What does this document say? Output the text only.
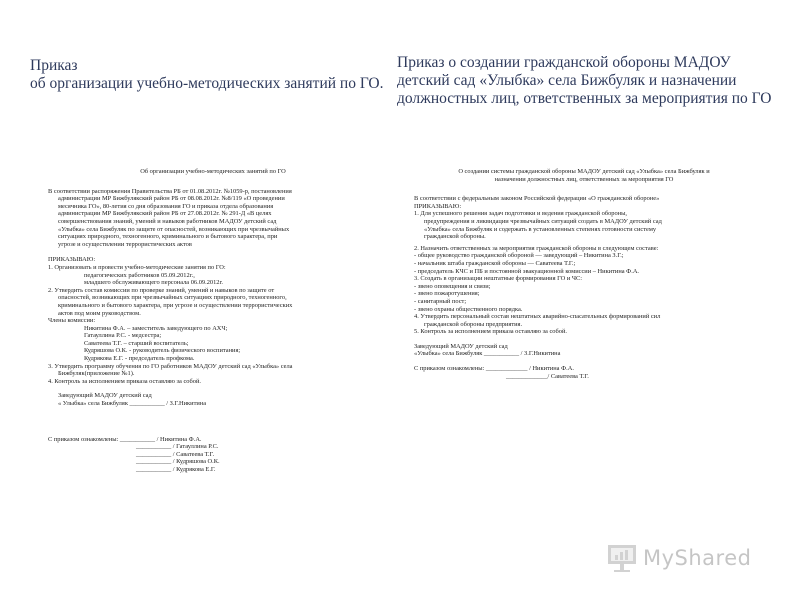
Приказ
об организации учебно-методических занятий по ГО.
Приказ о создании гражданской обороны МАДОУ
детский сад «Улыбка» села Бижбуляк и назначении
должностных лиц, ответственных за мероприятия по ГО
Об организации учебно-методических занятий по ГО
В соответствии распоряжения Правительства РБ от 01.08.2012г. №1059-р, постановления
администрации МР Бижбулякский район РБ от 08.08.2012г. №8/119 «О проведении
месячника ГО», 80-летия со дня образования ГО и приказа отдела образования
администрации МР Бижбулякский район РБ от 27.08.2012г. № 291-Д «В целях
совершенствования знаний, умений и навыков работников МАДОУ детский сад
«Улыбка» села Бижбуляк по защите от опасностей, возникающих при чрезвычайных
ситуациях природного, техногенного, криминального и бытового характера, при
угрозе и осуществлении террористических актов
ПРИКАЗЫВАЮ:
1. Организовать и провести учебно-методические занятия по ГО:
педагогических работников 05.09.2012г.,
младшего обслуживающего персонала 06.09.2012г.
2. Утвердить состав комиссии по проверке знаний, умений и навыков по защите от
опасностей, возникающих при чрезвычайных ситуациях природного, техногенного,
криминального и бытового характера, при угрозе и осуществлении террористических
актов под моим руководством.
Члены комиссии:
Никитина Ф.А. – заместитель заведующего по АХЧ;
Гатауллина Р.С. - медсестра;
Саватеева Т.Г. – старший воспитатель;
Кудряшова О.К. - руководитель физического воспитания;
Кудрякова Е.Г. - председатель профкома.
3. Утвердить программу обучения по ГО работников МАДОУ детский сад «Улыбка» села
Бижбуляк(приложение №1).
4. Контроль за исполнением приказа оставляю за собой.
Заведующий МАДОУ детский сад
« Улыбка» села Бижбуляк ___________ / З.Г.Никитина
С приказом ознакомлены: ___________ / Никитина Ф.А.
___________ / Гатауллина Р.С.
___________ / Саватеева Т.Г.
___________ / Кудряшова О.К.
___________ / Кудрякова Е.Г.
О создании системы гражданской обороны МАДОУ детский сад «Улыбка» села Бижбуляк и
назначении должностных лиц, ответственных за мероприятия ГО
В соответствии с федеральным законом Российской федерации «О гражданской обороне»
ПРИКАЗЫВАЮ:
1. Для успешного решения задач подготовки и ведения гражданской обороны,
предупреждения и ликвидации чрезвычайных ситуаций создать в МАДОУ детский сад
«Улыбка» села Бижбуляк и содержать в установленных степенях готовности систему
гражданской обороны.
2. Назначить ответственных за мероприятия гражданской обороны в следующем составе:
- общее руководство гражданской обороной — заведующий – Никитина З.Г.;
- начальник штаба гражданской обороны — Саватеева Т.Г.;
- председатель КЧС и ПБ и постоянной эвакуационной комиссии – Никитина Ф.А.
3. Создать в организации нештатные формирования ГО и ЧС:
- звено оповещения и связи;
- звено пожаротушения;
- санитарный пост;
- звено охраны общественного порядка.
4. Утвердить персональный состав нештатных аварийно-спасательных формирований сил
гражданской обороны предприятия.
5. Контроль за исполнением приказа оставляю за собой.
Заведующий МАДОУ детский сад
«Улыбка» села Бижбуляк ___________ / З.Г.Никитина
С приказом ознакомлены: _____________ / Никитина Ф.А.
_____________/ Саватеева Т.Г.
MyShared
